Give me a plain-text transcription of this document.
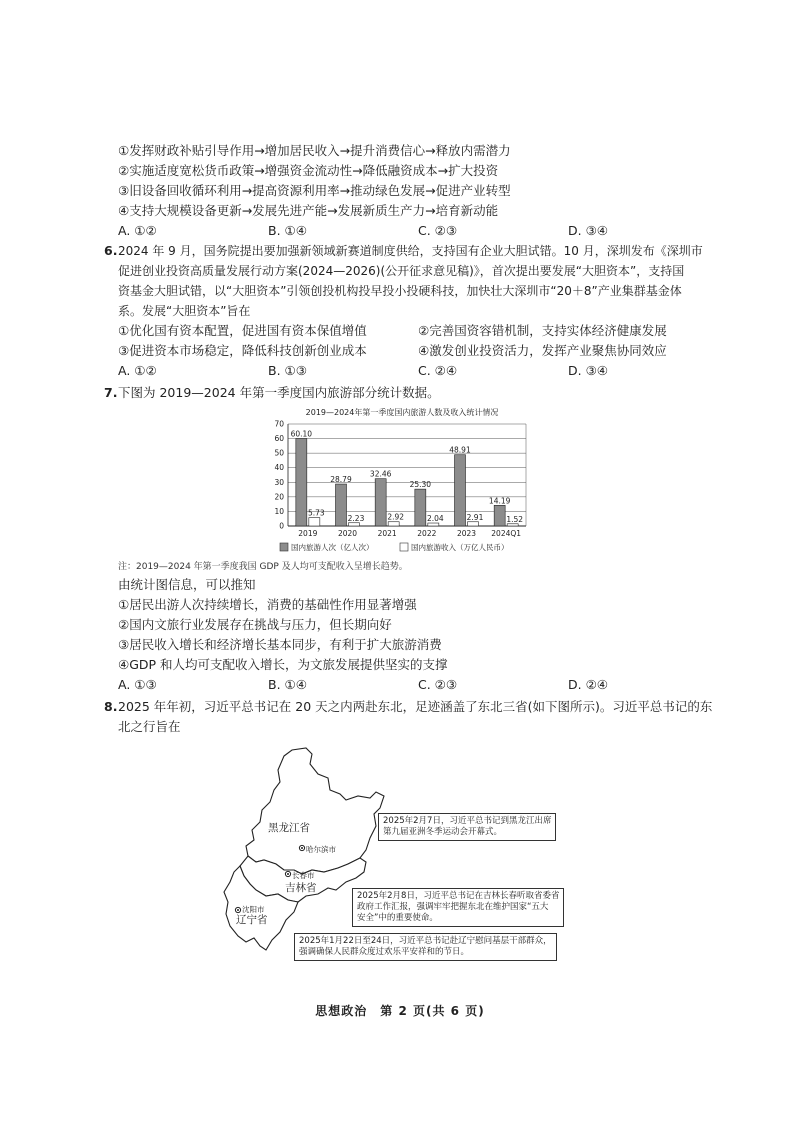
①发挥财政补贴引导作用→增加居民收入→提升消费信心→释放内需潜力
②实施适度宽松货币政策→增强资金流动性→降低融资成本→扩大投资
③旧设备回收循环利用→提高资源利用率→推动绿色发展→促进产业转型
④支持大规模设备更新→发展先进产能→发展新质生产力→培育新动能
A. ①②	B. ①④	C. ②③	D. ③④
6. 2024 年 9 月，国务院提出要加强新领域新赛道制度供给，支持国有企业大胆试错。10 月，深圳发布《深圳市
促进创业投资高质量发展行动方案(2024—2026)(公开征求意见稿)》，首次提出要发展“大胆资本”，支持国
资基金大胆试错，以“大胆资本”引领创投机构投早投小投硬科技，加快壮大深圳市“20＋8”产业集群基金体
系。发展“大胆资本”旨在
①优化国有资本配置，促进国有资本保值增值	②完善国资容错机制，支持实体经济健康发展
③促进资本市场稳定，降低科技创新创业成本	④激发创业投资活力，发挥产业聚焦协同效应
A. ①②	B. ①③	C. ②④	D. ③④
7. 下图为 2019—2024 年第一季度国内旅游部分统计数据。
2019—2024年第一季度国内旅游人数及收入统计情况
0
10
20
30
40
50
60
70
60.10
5.73
28.79
2.23
32.46
2.92
25.30
2.04
48.91
2.91
14.19
1.52
2019	2020	2021	2022	2023 2024Q1
国内旅游人次（亿人次）	国内旅游收入（万亿人民币）
注：2019—2024 年第一季度我国 GDP 及人均可支配收入呈增长趋势。
由统计图信息，可以推知
①居民出游人次持续增长，消费的基础性作用显著增强
②国内文旅行业发展存在挑战与压力，但长期向好
③居民收入增长和经济增长基本同步，有利于扩大旅游消费
④GDP 和人均可支配收入增长，为文旅发展提供坚实的支撑
A. ①③	B. ①④	C. ②③	D. ②④
8. 2025 年年初，习近平总书记在 20 天之内两赴东北，足迹涵盖了东北三省(如下图所示)。习近平总书记的东
北之行旨在
黑龙江省
吉林省
辽宁省
哈尔滨市
长春市
沈阳市
2025年2月7日，习近平总书记到黑龙江出席
第九届亚洲冬季运动会开幕式。
2025年2月8日，习近平总书记在吉林长春听取省委省
政府工作汇报，强调牢牢把握东北在维护国家“五大
安全”中的重要使命。
2025年1月22日至24日，习近平总书记赴辽宁慰问基层干部群众，
强调确保人民群众度过欢乐平安祥和的节日。
思想政治　第 2 页(共 6 页)
